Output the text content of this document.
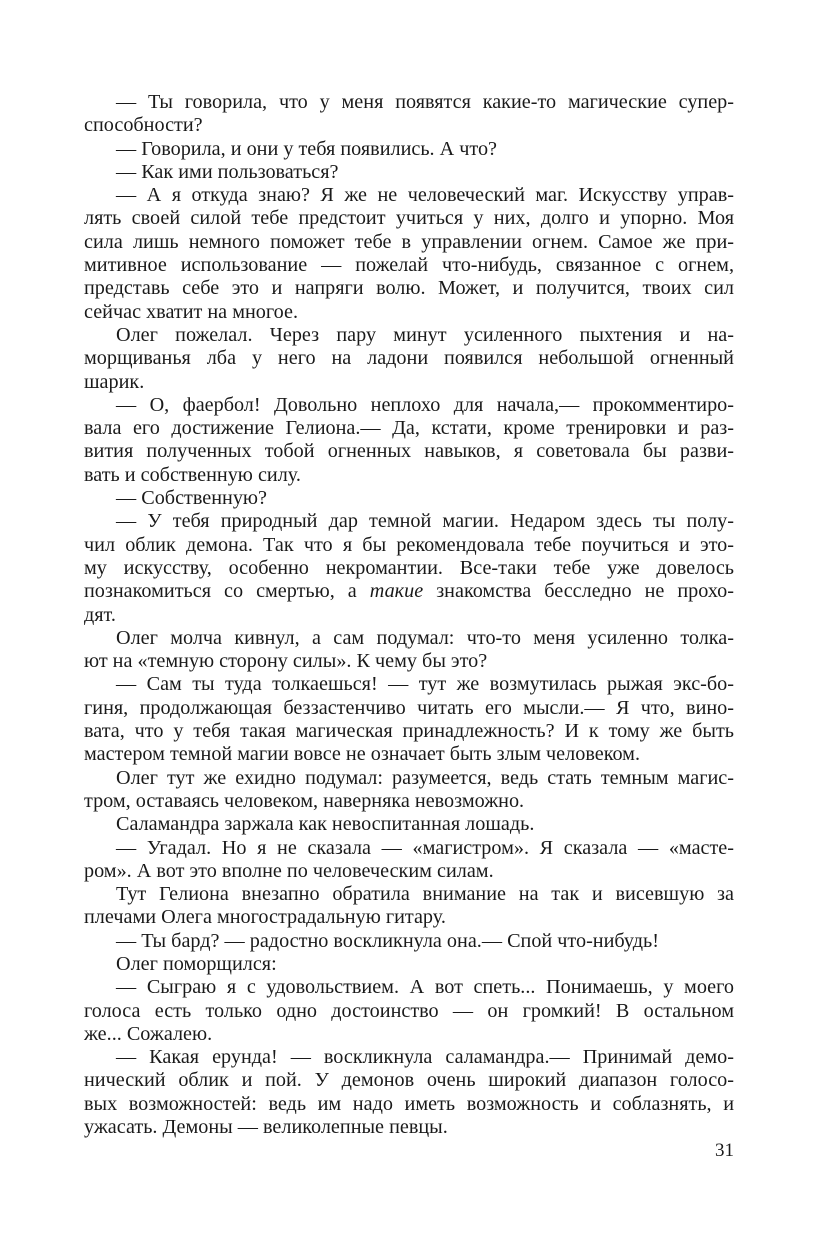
— Ты говорила, что у меня появятся какие-то магические супер-
способности?
— Говорила, и они у тебя появились. А что?
— Как ими пользоваться?
— А я откуда знаю? Я же не человеческий маг. Искусству управ-
лять своей силой тебе предстоит учиться у них, долго и упорно. Моя
сила лишь немного поможет тебе в управлении огнем. Самое же при-
митивное использование — пожелай что-нибудь, связанное с огнем,
представь себе это и напряги волю. Может, и получится, твоих сил
сейчас хватит на многое.
Олег пожелал. Через пару минут усиленного пыхтения и на-
морщиванья лба у него на ладони появился небольшой огненный
шарик.
— О, фаербол! Довольно неплохо для начала,— прокомментиро-
вала его достижение Гелиона.— Да, кстати, кроме тренировки и раз-
вития полученных тобой огненных навыков, я советовала бы разви-
вать и собственную силу.
— Собственную?
— У тебя природный дар темной магии. Недаром здесь ты полу-
чил облик демона. Так что я бы рекомендовала тебе поучиться и это-
му искусству, особенно некромантии. Все-таки тебе уже довелось
познакомиться со смертью, а такие знакомства бесследно не прохо-
дят.
Олег молча кивнул, а сам подумал: что-то меня усиленно толка-
ют на «темную сторону силы». К чему бы это?
— Сам ты туда толкаешься! — тут же возмутилась рыжая экс-бо-
гиня, продолжающая беззастенчиво читать его мысли.— Я что, вино-
вата, что у тебя такая магическая принадлежность? И к тому же быть
мастером темной магии вовсе не означает быть злым человеком.
Олег тут же ехидно подумал: разумеется, ведь стать темным магис-
тром, оставаясь человеком, наверняка невозможно.
Саламандра заржала как невоспитанная лошадь.
— Угадал. Но я не сказала — «магистром». Я сказала — «масте-
ром». А вот это вполне по человеческим силам.
Тут Гелиона внезапно обратила внимание на так и висевшую за
плечами Олега многострадальную гитару.
— Ты бард? — радостно воскликнула она.— Спой что-нибудь!
Олег поморщился:
— Сыграю я с удовольствием. А вот спеть... Понимаешь, у моего
голоса есть только одно достоинство — он громкий! В остальном
же... Сожалею.
— Какая ерунда! — воскликнула саламандра.— Принимай демо-
нический облик и пой. У демонов очень широкий диапазон голосо-
вых возможностей: ведь им надо иметь возможность и соблазнять, и
ужасать. Демоны — великолепные певцы.
31
